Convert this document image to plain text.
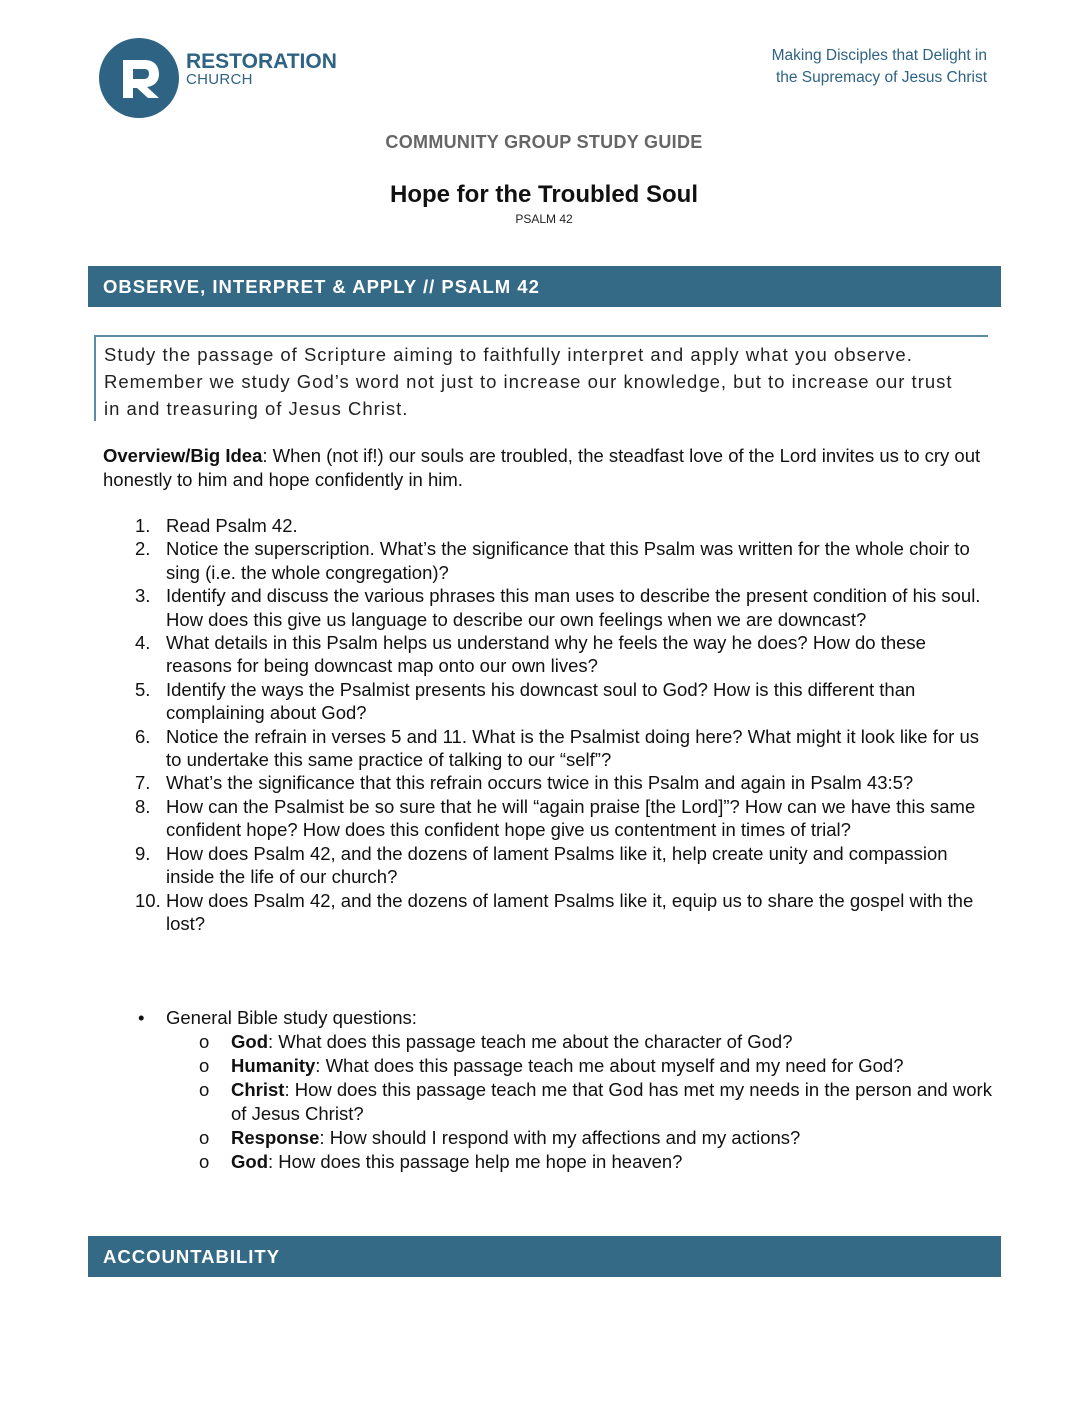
RESTORATION
CHURCH
Making Disciples that Delight in
the Supremacy of Jesus Christ
COMMUNITY GROUP STUDY GUIDE
Hope for the Troubled Soul
PSALM 42
OBSERVE, INTERPRET & APPLY // PSALM 42

Study the passage of Scripture aiming to faithfully interpret and apply what you observe. Remember we study God’s word not just to increase our knowledge, but to increase our trust in and treasuring of Jesus Christ.

Overview/Big Idea: When (not if!) our souls are troubled, the steadfast love of the Lord invites us to cry out honestly to him and hope confidently in him.
1. Read Psalm 42.
2. Notice the superscription. What’s the significance that this Psalm was written for the whole choir to sing (i.e. the whole congregation)?
3. Identify and discuss the various phrases this man uses to describe the present condition of his soul. How does this give us language to describe our own feelings when we are downcast?
4. What details in this Psalm helps us understand why he feels the way he does? How do these reasons for being downcast map onto our own lives?
5. Identify the ways the Psalmist presents his downcast soul to God? How is this different than complaining about God?
6. Notice the refrain in verses 5 and 11. What is the Psalmist doing here? What might it look like for us to undertake this same practice of talking to our “self”?
7. What’s the significance that this refrain occurs twice in this Psalm and again in Psalm 43:5?
8. How can the Psalmist be so sure that he will “again praise [the Lord]”? How can we have this same confident hope? How does this confident hope give us contentment in times of trial?
9. How does Psalm 42, and the dozens of lament Psalms like it, help create unity and compassion inside the life of our church?
10. How does Psalm 42, and the dozens of lament Psalms like it, equip us to share the gospel with the lost?
• General Bible study questions:
o God: What does this passage teach me about the character of God?
o Humanity: What does this passage teach me about myself and my need for God?
o Christ: How does this passage teach me that God has met my needs in the person and work of Jesus Christ?
o Response: How should I respond with my affections and my actions?
o God: How does this passage help me hope in heaven?
ACCOUNTABILITY
